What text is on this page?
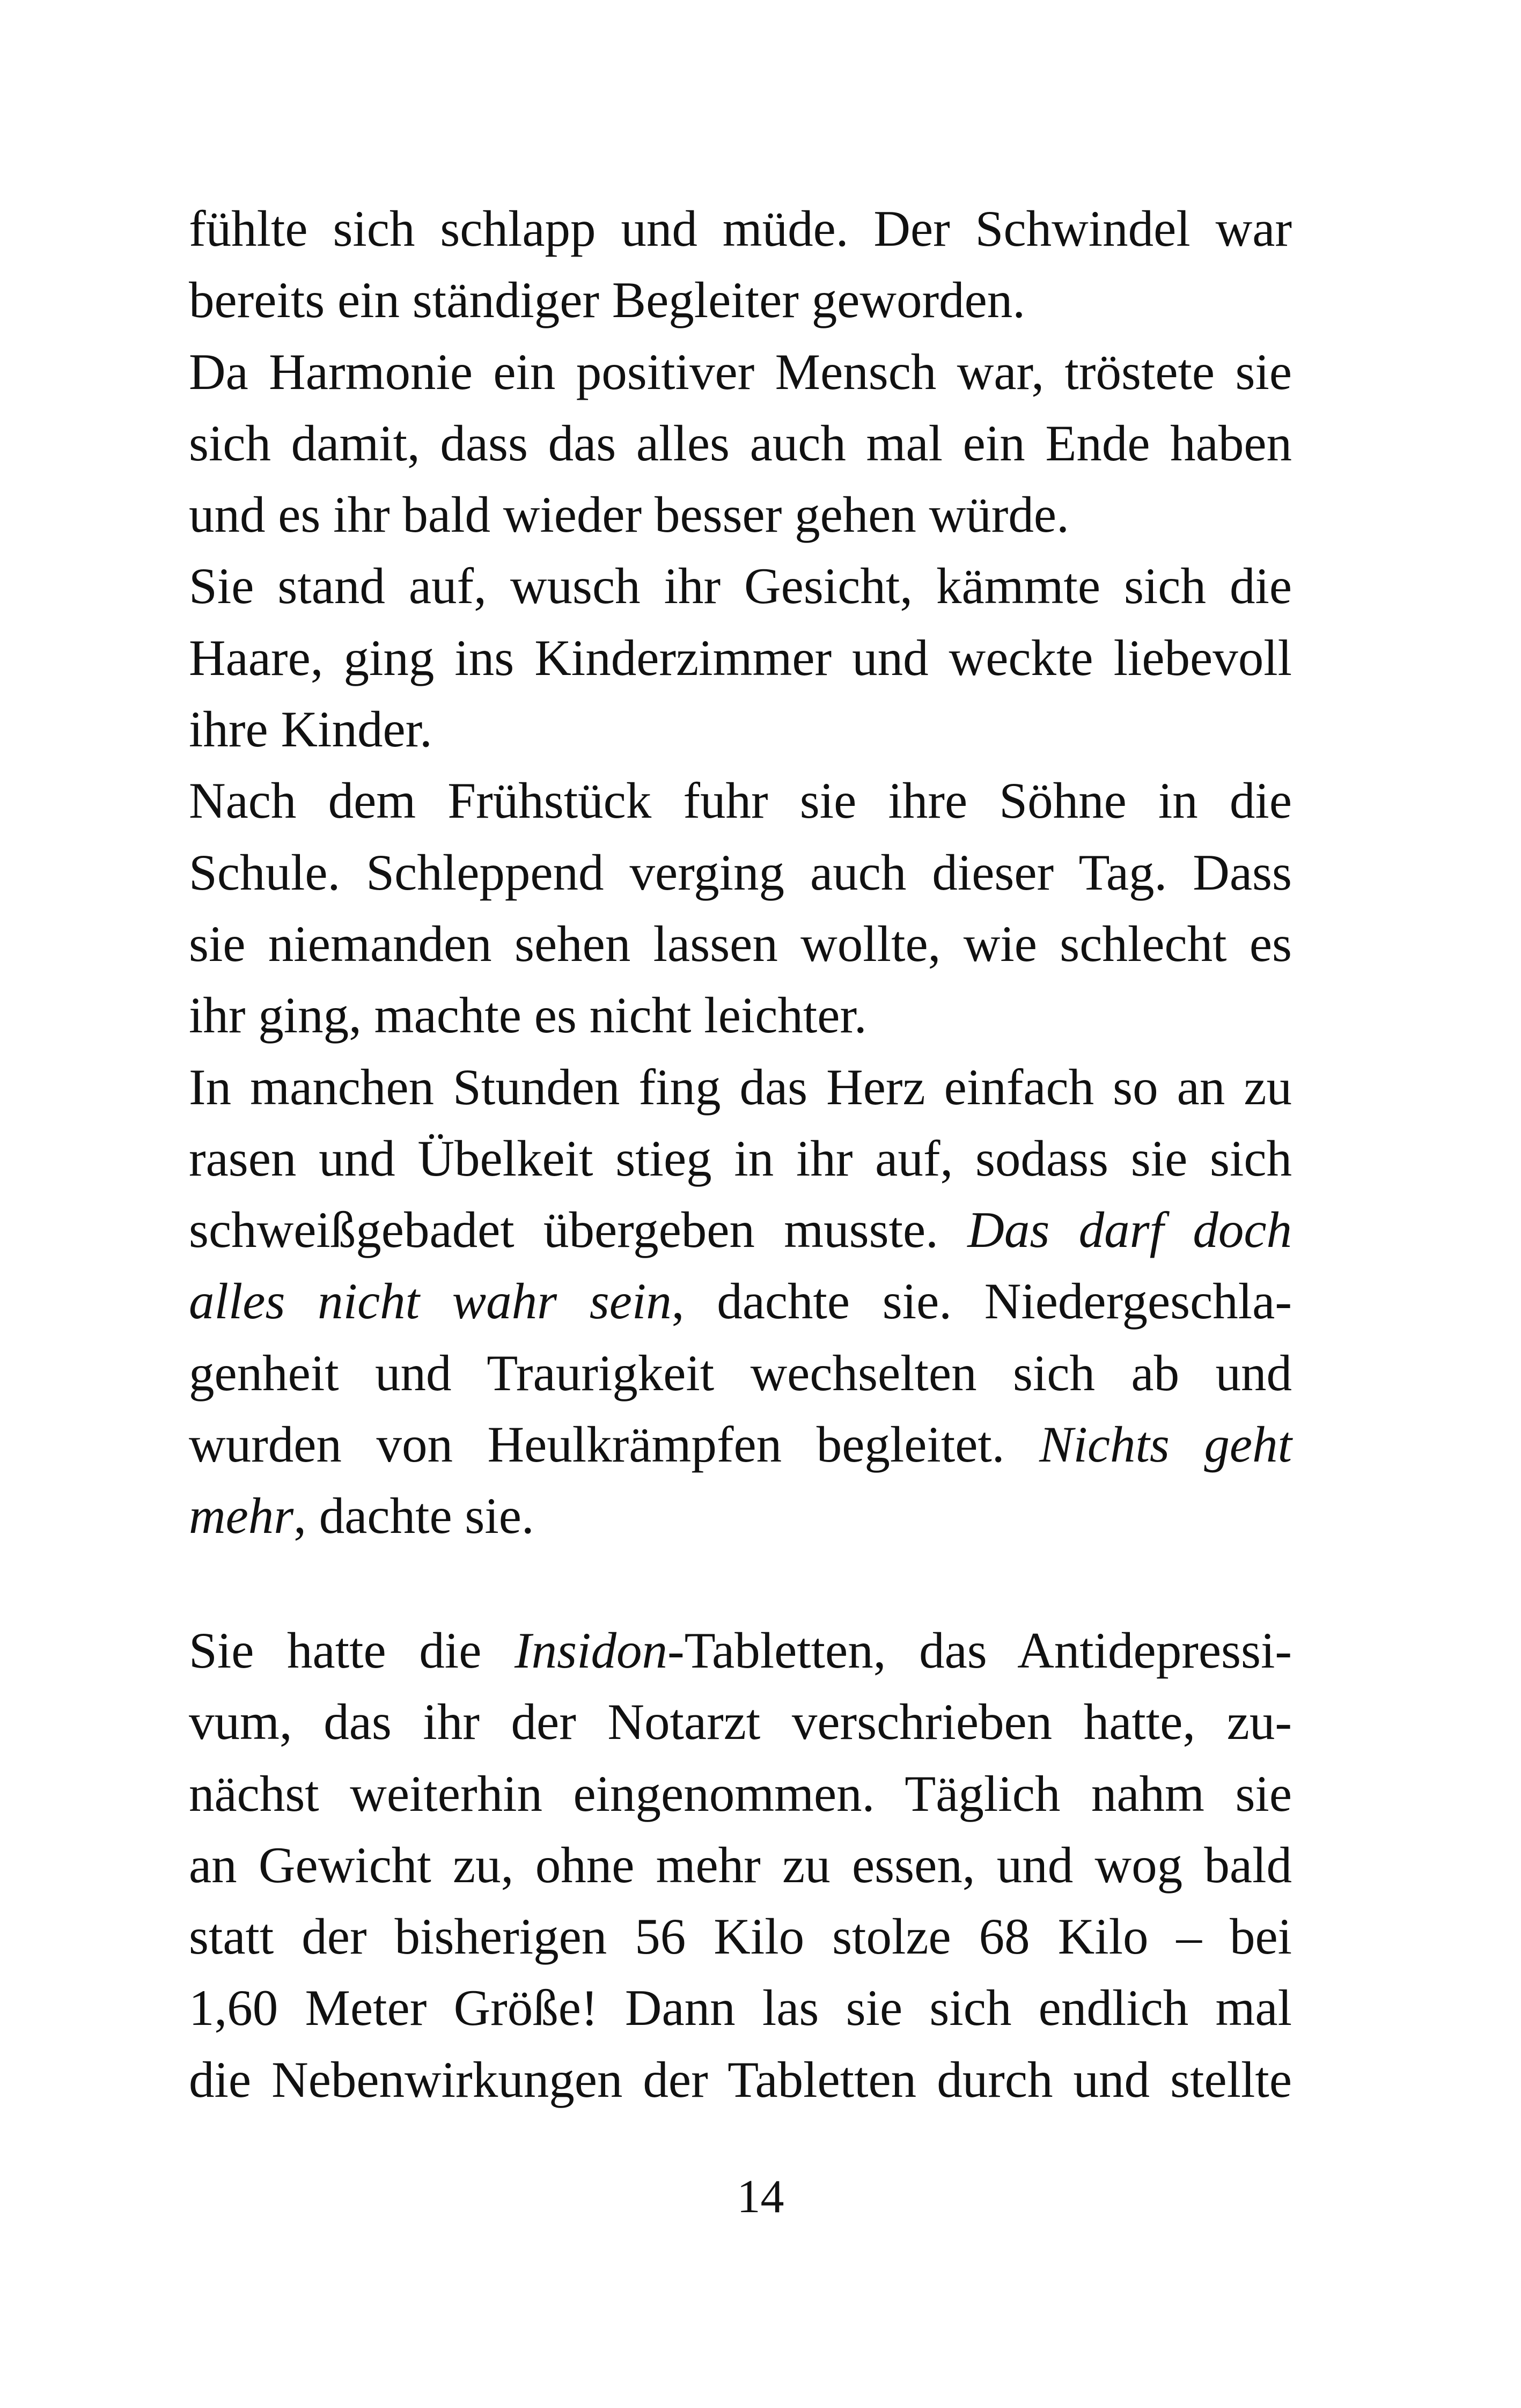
fühlte sich schlapp und müde. Der Schwindel war
bereits ein ständiger Begleiter geworden.
Da Harmonie ein positiver Mensch war, tröstete sie
sich damit, dass das alles auch mal ein Ende haben
und es ihr bald wieder besser gehen würde.
Sie stand auf, wusch ihr Gesicht, kämmte sich die
Haare, ging ins Kinderzimmer und weckte liebevoll
ihre Kinder.
Nach dem Frühstück fuhr sie ihre Söhne in die
Schule. Schleppend verging auch dieser Tag. Dass
sie niemanden sehen lassen wollte, wie schlecht es
ihr ging, machte es nicht leichter.
In manchen Stunden fing das Herz einfach so an zu
rasen und Übelkeit stieg in ihr auf, sodass sie sich
schweißgebadet übergeben musste. Das darf doch
alles nicht wahr sein, dachte sie. Niedergeschla-
genheit und Traurigkeit wechselten sich ab und
wurden von Heulkrämpfen begleitet. Nichts geht
mehr, dachte sie.
Sie hatte die Insidon-Tabletten, das Antidepressi-
vum, das ihr der Notarzt verschrieben hatte, zu-
nächst weiterhin eingenommen. Täglich nahm sie
an Gewicht zu, ohne mehr zu essen, und wog bald
statt der bisherigen 56 Kilo stolze 68 Kilo – bei
1,60 Meter Größe! Dann las sie sich endlich mal
die Nebenwirkungen der Tabletten durch und stellte
14
